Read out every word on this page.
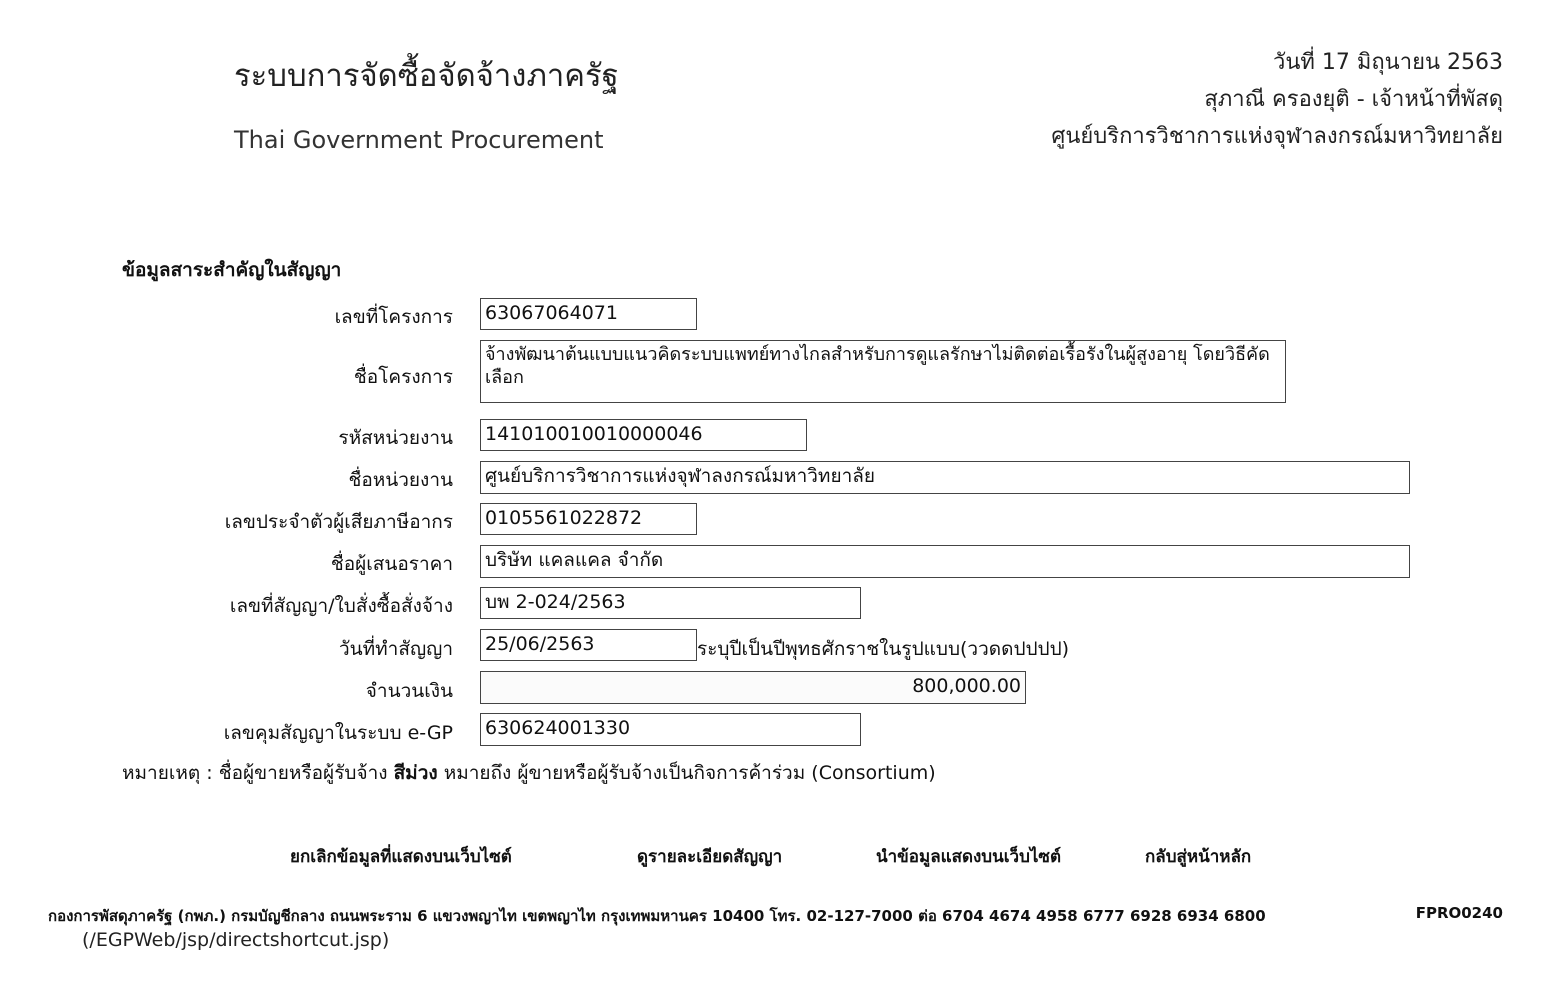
ระบบการจัดซื้อจัดจ้างภาครัฐ
Thai Government Procurement
วันที่ 17 มิถุนายน 2563
สุภาณี ครองยุติ - เจ้าหน้าที่พัสดุ
ศูนย์บริการวิชาการแห่งจุฬาลงกรณ์มหาวิทยาลัย
ข้อมูลสาระสำคัญในสัญญา
เลขที่โครงการ 63067064071
ชื่อโครงการ
จ้างพัฒนาต้นแบบแนวคิดระบบแพทย์ทางไกลสำหรับการดูแลรักษาไม่ติดต่อเรื้อรังในผู้สูงอายุ โดยวิธีคัดเลือก
รหัสหน่วยงาน 141010010010000046
ชื่อหน่วยงาน ศูนย์บริการวิชาการแห่งจุฬาลงกรณ์มหาวิทยาลัย
เลขประจำตัวผู้เสียภาษีอากร 0105561022872
ชื่อผู้เสนอราคา บริษัท แคลแคล จำกัด
เลขที่สัญญา/ใบสั่งซื้อสั่งจ้าง บพ 2-024/2563
วันที่ทำสัญญา 25/06/2563	ระบุปีเป็นปีพุทธศักราชในรูปแบบ(ววดดปปปป)
จำนวนเงิน	800,000.00
เลขคุมสัญญาในระบบ e-GP 630624001330
หมายเหตุ : ชื่อผู้ขายหรือผู้รับจ้าง สีม่วง หมายถึง ผู้ขายหรือผู้รับจ้างเป็นกิจการค้าร่วม (Consortium)
ยกเลิกข้อมูลที่แสดงบนเว็บไซต์	ดูรายละเอียดสัญญา	นำข้อมูลแสดงบนเว็บไซต์	กลับสู่หน้าหลัก
กองการพัสดุภาครัฐ (กพภ.) กรมบัญชีกลาง ถนนพระราม 6 แขวงพญาไท เขตพญาไท กรุงเทพมหานคร 10400 โทร. 02-127-7000 ต่อ 6704 4674 4958 6777 6928 6934 6800	FPRO0240
(/EGPWeb/jsp/directshortcut.jsp)
